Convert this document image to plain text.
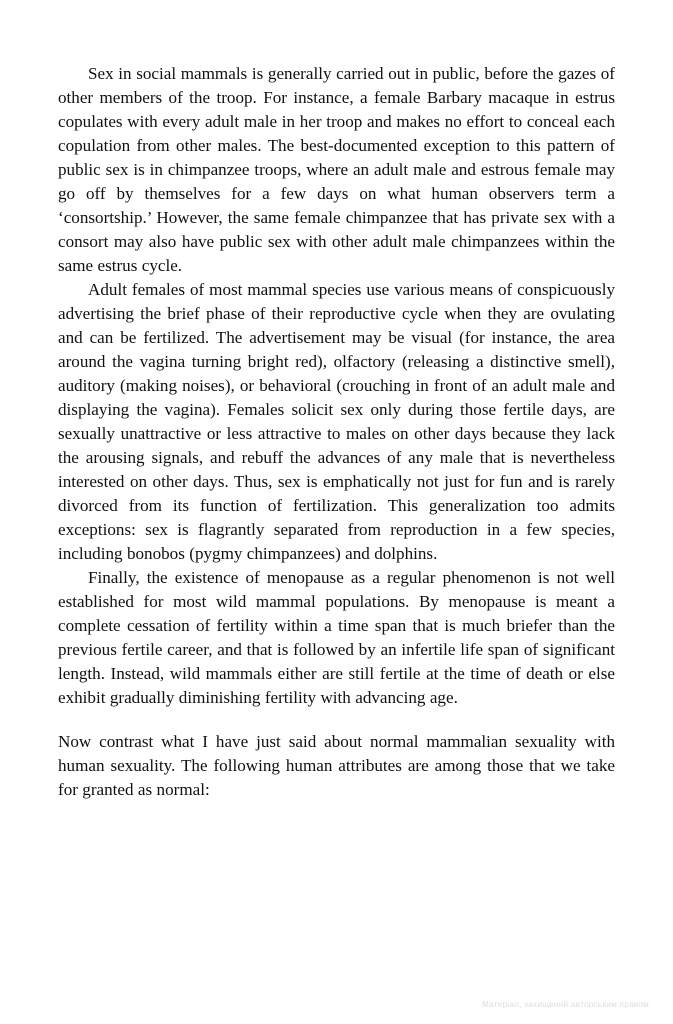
Sex in social mammals is generally carried out in public, before the gazes of other members of the troop. For instance, a female Barbary macaque in estrus copulates with every adult male in her troop and makes no effort to conceal each copulation from other males. The best-documented exception to this pattern of public sex is in chimpanzee troops, where an adult male and estrous female may go off by themselves for a few days on what human observers term a ‘consortship.’ However, the same female chimpanzee that has private sex with a consort may also have public sex with other adult male chimpanzees within the same estrus cycle.

Adult females of most mammal species use various means of conspicuously advertising the brief phase of their reproductive cycle when they are ovulating and can be fertilized. The advertisement may be visual (for instance, the area around the vagina turning bright red), olfactory (releasing a distinctive smell), auditory (making noises), or behavioral (crouching in front of an adult male and displaying the vagina). Females solicit sex only during those fertile days, are sexually unattractive or less attractive to males on other days because they lack the arousing signals, and rebuff the advances of any male that is nevertheless interested on other days. Thus, sex is emphatically not just for fun and is rarely divorced from its function of fertilization. This generalization too admits exceptions: sex is flagrantly separated from reproduction in a few species, including bonobos (pygmy chimpanzees) and dolphins.

Finally, the existence of menopause as a regular phenomenon is not well established for most wild mammal populations. By menopause is meant a complete cessation of fertility within a time span that is much briefer than the previous fertile career, and that is followed by an infertile life span of significant length. Instead, wild mammals either are still fertile at the time of death or else exhibit gradually diminishing fertility with advancing age.

Now contrast what I have just said about normal mammalian sexuality with human sexuality. The following human attributes are among those that we take for granted as normal:

Матеріал, захищений авторським правом
